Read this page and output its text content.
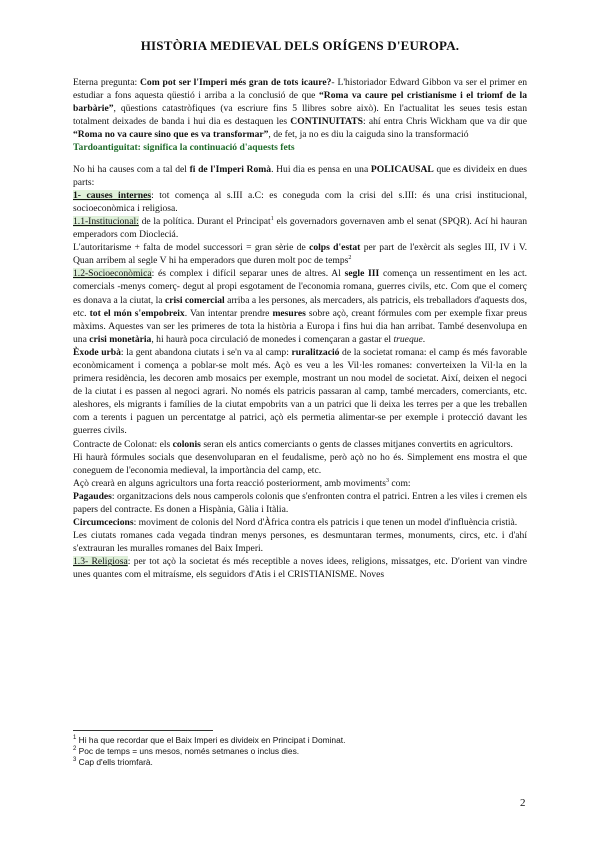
HISTÒRIA MEDIEVAL DELS ORÍGENS D'EUROPA.

Eterna pregunta: Com pot ser l'Imperi més gran de tots icaure?- L'historiador Edward Gibbon va ser el primer en estudiar a fons aquesta qüestió i arriba a la conclusió de que “Roma va caure pel cristianisme i el triomf de la barbàrie”, qüestions catastròfiques (va escriure fins 5 llibres sobre això). En l'actualitat les seues tesis estan totalment deixades de banda i hui dia es destaquen les CONTINUITATS: ahí entra Chris Wickham que va dir que “Roma no va caure sino que es va transformar”, de fet, ja no es diu la caiguda sino la transformació

Tardoantiguitat: significa la continuació d'aquests fets

No hi ha causes com a tal del fi de l'Imperi Romà. Hui dia es pensa en una POLICAUSAL que es divideix en dues parts:

1- causes internes: tot comença al s.III a.C: es coneguda com la crisi del s.III: és una crisi institucional, socioeconòmica i religiosa.

1.1-Institucional: de la política. Durant el Principat$^1$ els governadors governaven amb el senat (SPQR). Ací hi hauran emperadors com Diocleciá.

L'autoritarisme + falta de model successori = gran sèrie de colps d'estat per part de l'exèrcit als segles III, IV i V. Quan arribem al segle V hi ha emperadors que duren molt poc de temps$^2$

1.2-Socioeconòmica: és complex i difícil separar unes de altres. Al segle III comença un ressentiment en les act. comercials -menys comerç- degut al propi esgotament de l'economia romana, guerres civils, etc. Com que el comerç es donava a la ciutat, la crisi comercial arriba a les persones, als mercaders, als patricis, els treballadors d'aquests dos, etc. tot el món s'empobreix. Van intentar prendre mesures sobre açò, creant fórmules com per exemple fixar preus màxims. Aquestes van ser les primeres de tota la història a Europa i fins hui dia han arribat. També desenvolupa en una crisi monetària, hi haurà poca circulació de monedes i començaran a gastar el trueque.

Èxode urbà: la gent abandona ciutats i se'n va al camp: ruralització de la societat romana: el camp és més favorable econòmicament i comença a poblar-se molt més. Açò es veu a les Vil·les romanes: converteixen la Vil·la en la primera residència, les decoren amb mosaics per exemple, mostrant un nou model de societat. Així, deixen el negoci de la ciutat i es passen al negoci agrari. No només els patricis passaran al camp, també mercaders, comerciants, etc. aleshores, els migrants i famílies de la ciutat empobrits van a un patrici que li deixa les terres per a que les treballen com a terents i paguen un percentatge al patrici, açò els permetia alimentar-se per exemple i protecció davant les guerres civils.

Contracte de Colonat: els colonis seran els antics comerciants o gents de classes mitjanes convertits en agricultors.

Hi haurà fórmules socials que desenvoluparan en el feudalisme, però açò no ho és. Simplement ens mostra el que coneguem de l'economia medieval, la importància del camp, etc.

Açò crearà en alguns agricultors una forta reacció posteriorment, amb moviments$^3$ com:

Pagaudes: organitzacions dels nous camperols colonis que s'enfronten contra el patrici. Entren a les viles i cremen els papers del contracte. Es donen a Hispània, Gàlia i Itàlia.

Circumcecions: moviment de colonis del Nord d'Àfrica contra els patricis i que tenen un model d'influència cristià.

Les ciutats romanes cada vegada tindran menys persones, es desmuntaran termes, monuments, circs, etc. i d'ahí s'extrauran les muralles romanes del Baix Imperi.

1.3- Religiosa: per tot açò la societat és més receptible a noves idees, religions, missatges, etc. D'orient van vindre unes quantes com el mitraísme, els seguidors d'Atis i el CRISTIANISME. Noves

$^1$ Hi ha que recordar que el Baix Imperi es divideix en Principat i Dominat.
$^2$ Poc de temps = uns mesos, només setmanes o inclus dies.
$^3$ Cap d'ells triomfarà.
2
